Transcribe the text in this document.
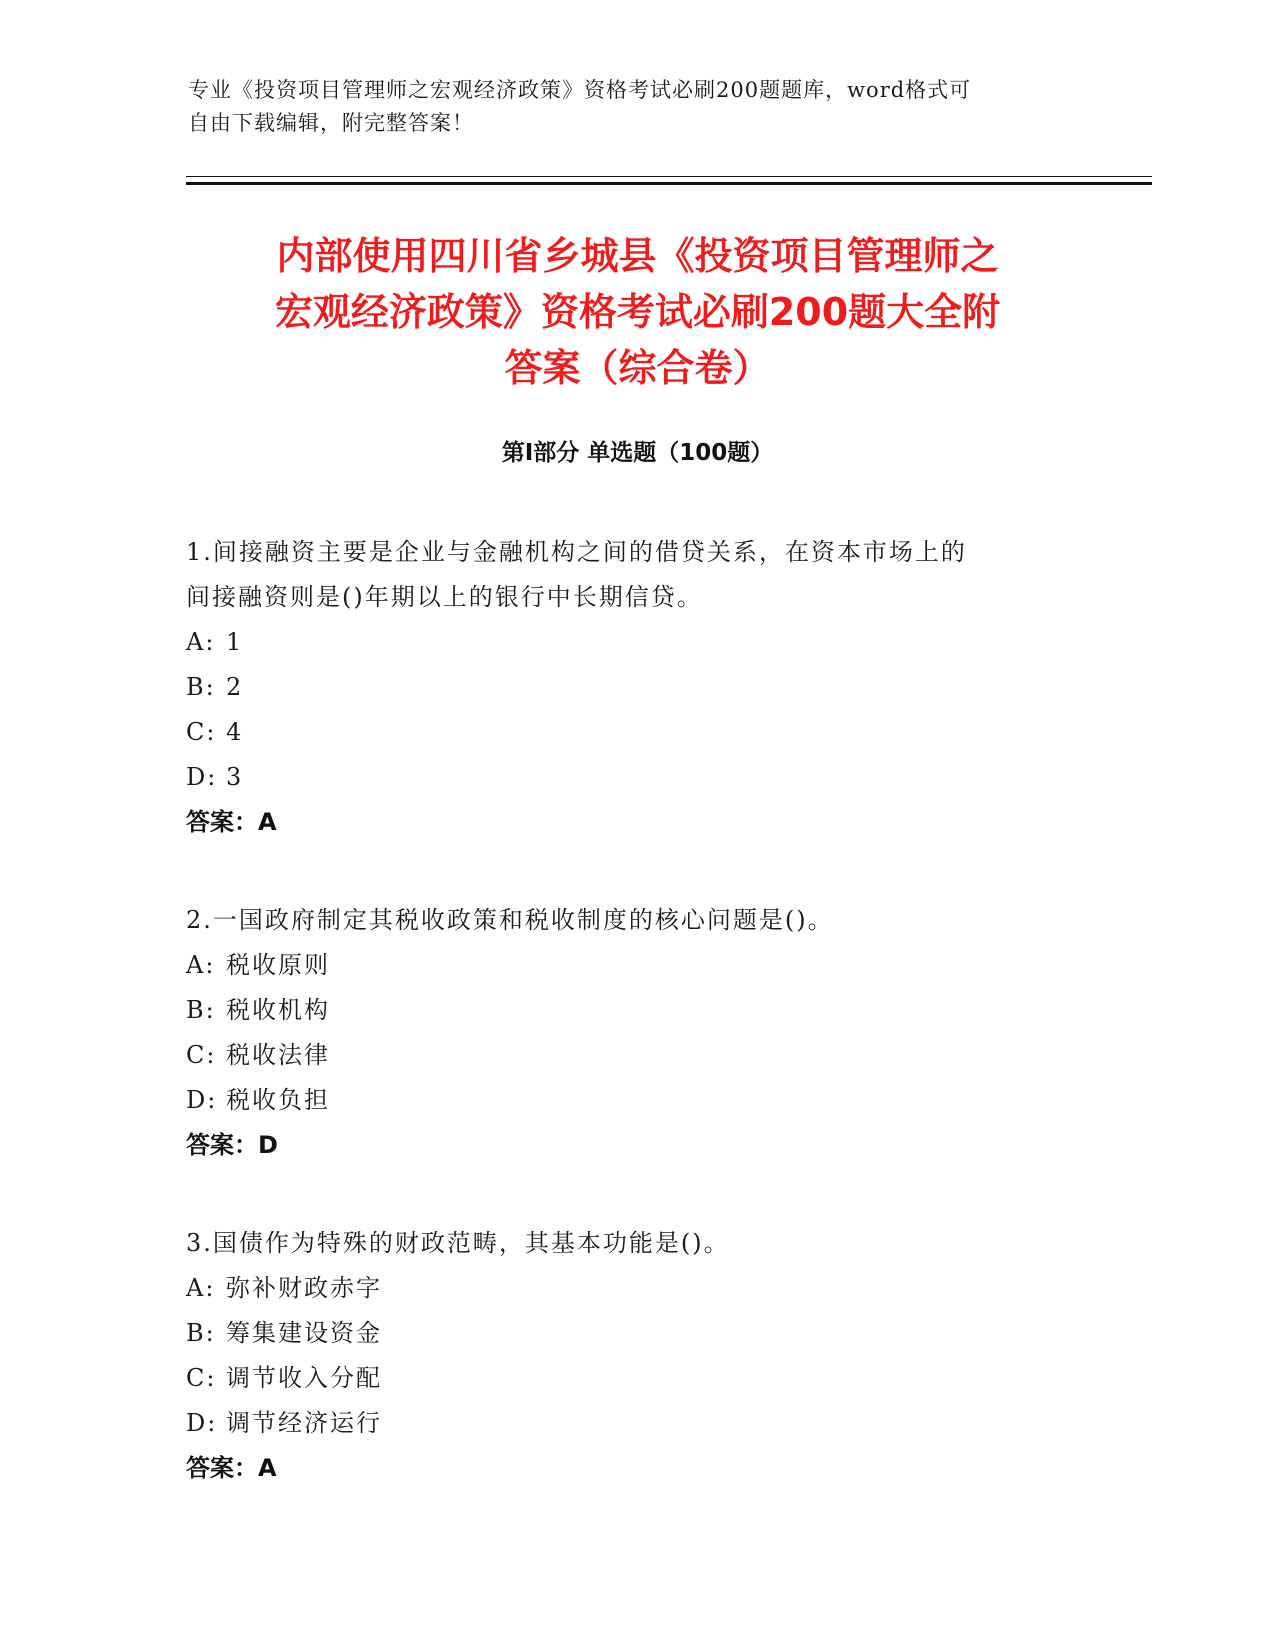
专业《投资项目管理师之宏观经济政策》资格考试必刷200题题库，word格式可
自由下载编辑，附完整答案！
内部使用四川省乡城县《投资项目管理师之
宏观经济政策》资格考试必刷200题大全附
答案（综合卷）
第Ⅰ部分 单选题（100题）
1.间接融资主要是企业与金融机构之间的借贷关系，在资本市场上的
间接融资则是()年期以上的银行中长期信贷。
A: 1
B: 2
C: 4
D: 3
答案：A
2.一国政府制定其税收政策和税收制度的核心问题是()。
A: 税收原则
B: 税收机构
C: 税收法律
D: 税收负担
答案：D
3.国债作为特殊的财政范畴，其基本功能是()。
A: 弥补财政赤字
B: 筹集建设资金
C: 调节收入分配
D: 调节经济运行
答案：A
